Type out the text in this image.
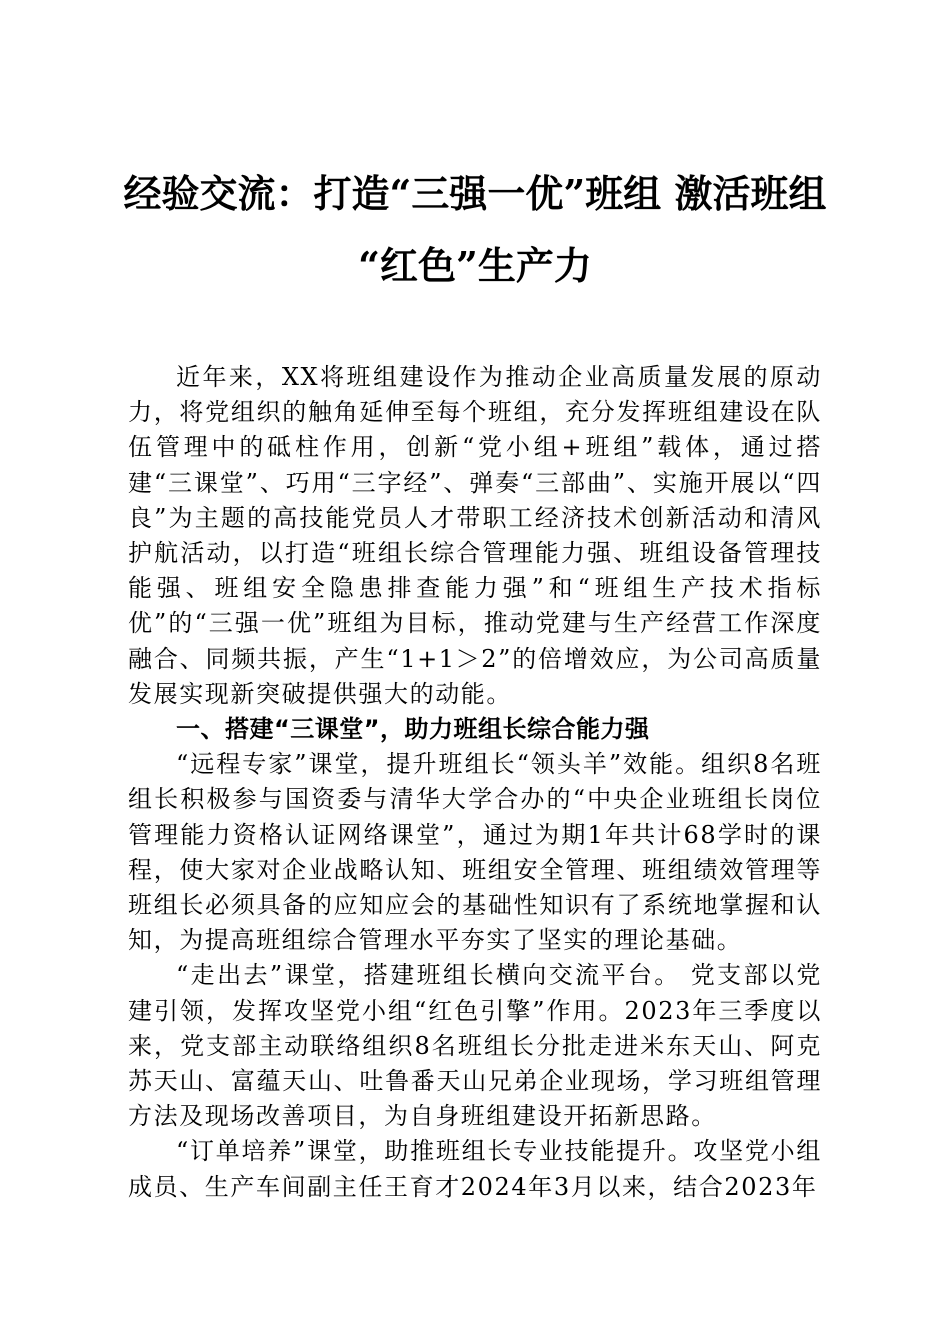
经验交流：打造“三强一优”班组 激活班组
“红色”生产力

近年来，XX将班组建设作为推动企业高质量发展的原动力，将党组织的触角延伸至每个班组，充分发挥班组建设在队伍管理中的砥柱作用，创新“党小组+班组”载体，通过搭建“三课堂”、巧用“三字经”、弹奏“三部曲”、实施开展以“四良”为主题的高技能党员人才带职工经济技术创新活动和清风护航活动，以打造“班组长综合管理能力强、班组设备管理技能强、班组安全隐患排查能力强”和“班组生产技术指标优”的“三强一优”班组为目标，推动党建与生产经营工作深度融合、同频共振，产生“1+1＞2”的倍增效应，为公司高质量发展实现新突破提供强大的动能。

一、搭建“三课堂”，助力班组长综合能力强

“远程专家”课堂，提升班组长“领头羊”效能。组织8名班组长积极参与国资委与清华大学合办的“中央企业班组长岗位管理能力资格认证网络课堂”，通过为期1年共计68学时的课程，使大家对企业战略认知、班组安全管理、班组绩效管理等班组长必须具备的应知应会的基础性知识有了系统地掌握和认知，为提高班组综合管理水平夯实了坚实的理论基础。

“走出去”课堂，搭建班组长横向交流平台。 党支部以党建引领，发挥攻坚党小组“红色引擎”作用。2023年三季度以来，党支部主动联络组织8名班组长分批走进米东天山、阿克苏天山、富蕴天山、吐鲁番天山兄弟企业现场，学习班组管理方法及现场改善项目，为自身班组建设开拓新思路。

“订单培养”课堂，助推班组长专业技能提升。攻坚党小组成员、生产车间副主任王育才2024年3月以来，结合2023年
